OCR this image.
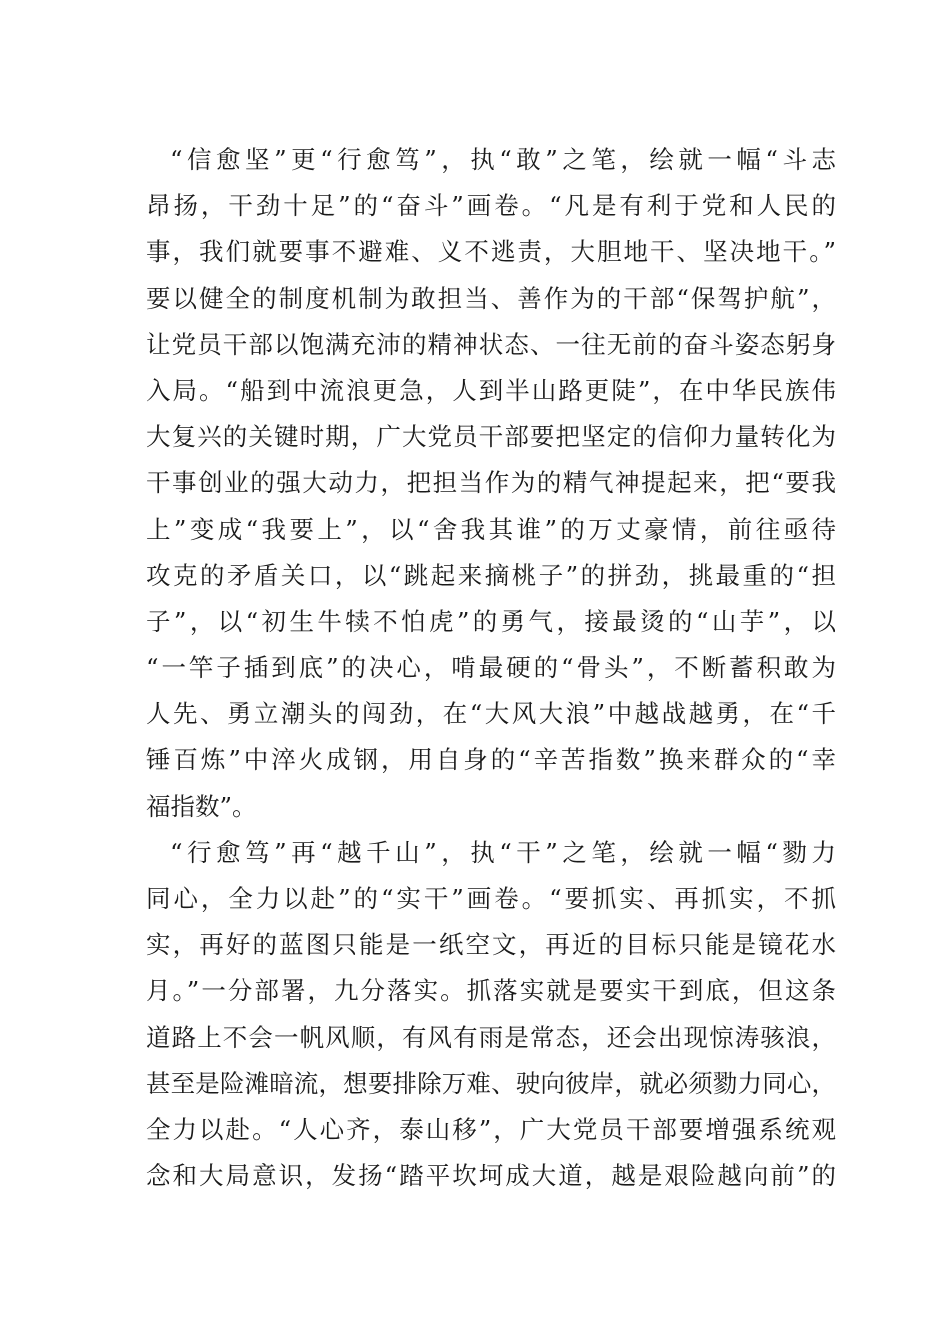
“信愈坚”更“行愈笃”，执“敢”之笔，绘就一幅“斗志
昂扬，干劲十足”的“奋斗”画卷。“凡是有利于党和人民的
事，我们就要事不避难、义不逃责，大胆地干、坚决地干。”
要以健全的制度机制为敢担当、善作为的干部“保驾护航”，
让党员干部以饱满充沛的精神状态、一往无前的奋斗姿态躬身
入局。“船到中流浪更急，人到半山路更陡”，在中华民族伟
大复兴的关键时期，广大党员干部要把坚定的信仰力量转化为
干事创业的强大动力，把担当作为的精气神提起来，把“要我
上”变成“我要上”，以“舍我其谁”的万丈豪情，前往亟待
攻克的矛盾关口，以“跳起来摘桃子”的拼劲，挑最重的“担
子”，以“初生牛犊不怕虎”的勇气，接最烫的“山芋”，以
“一竿子插到底”的决心，啃最硬的“骨头”，不断蓄积敢为
人先、勇立潮头的闯劲，在“大风大浪”中越战越勇，在“千
锤百炼”中淬火成钢，用自身的“辛苦指数”换来群众的“幸
福指数”。
“行愈笃”再“越千山”，执“干”之笔，绘就一幅“勠力
同心，全力以赴”的“实干”画卷。“要抓实、再抓实，不抓
实，再好的蓝图只能是一纸空文，再近的目标只能是镜花水
月。”一分部署，九分落实。抓落实就是要实干到底，但这条
道路上不会一帆风顺，有风有雨是常态，还会出现惊涛骇浪，
甚至是险滩暗流，想要排除万难、驶向彼岸，就必须勠力同心，
全力以赴。“人心齐，泰山移”，广大党员干部要增强系统观
念和大局意识，发扬“踏平坎坷成大道，越是艰险越向前”的
